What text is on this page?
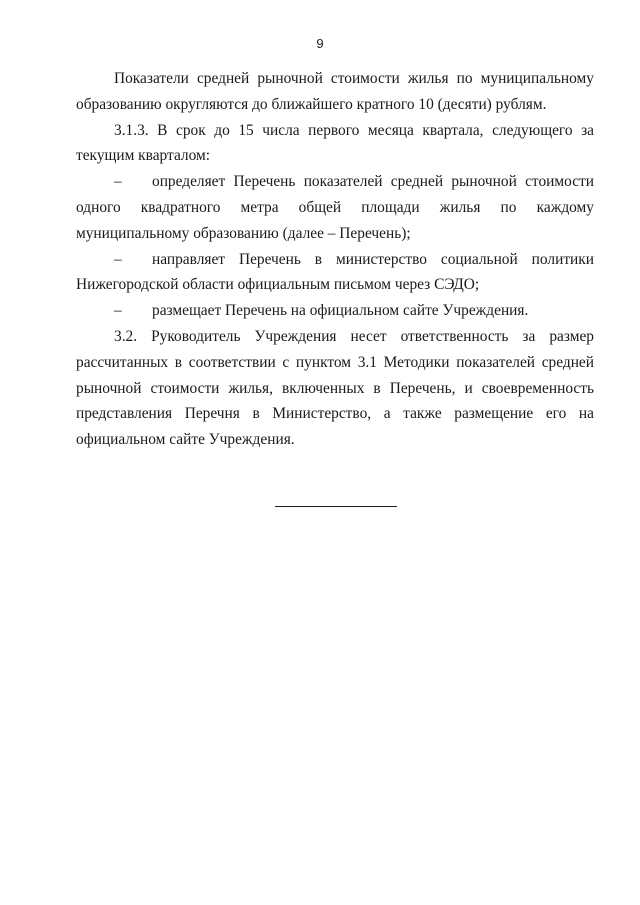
9

Показатели средней рыночной стоимости жилья по муниципальному образованию округляются до ближайшего кратного 10 (десяти) рублям.

3.1.3. В срок до 15 числа первого месяца квартала, следующего за текущим кварталом:

– определяет Перечень показателей средней рыночной стоимости одного квадратного метра общей площади жилья по каждому муниципальному образованию (далее – Перечень);

– направляет Перечень в министерство социальной политики Нижегородской области официальным письмом через СЭДО;

– размещает Перечень на официальном сайте Учреждения.

3.2. Руководитель Учреждения несет ответственность за размер рассчитанных в соответствии с пунктом 3.1 Методики показателей средней рыночной стоимости жилья, включенных в Перечень, и своевременность представления Перечня в Министерство, а также размещение его на официальном сайте Учреждения.
